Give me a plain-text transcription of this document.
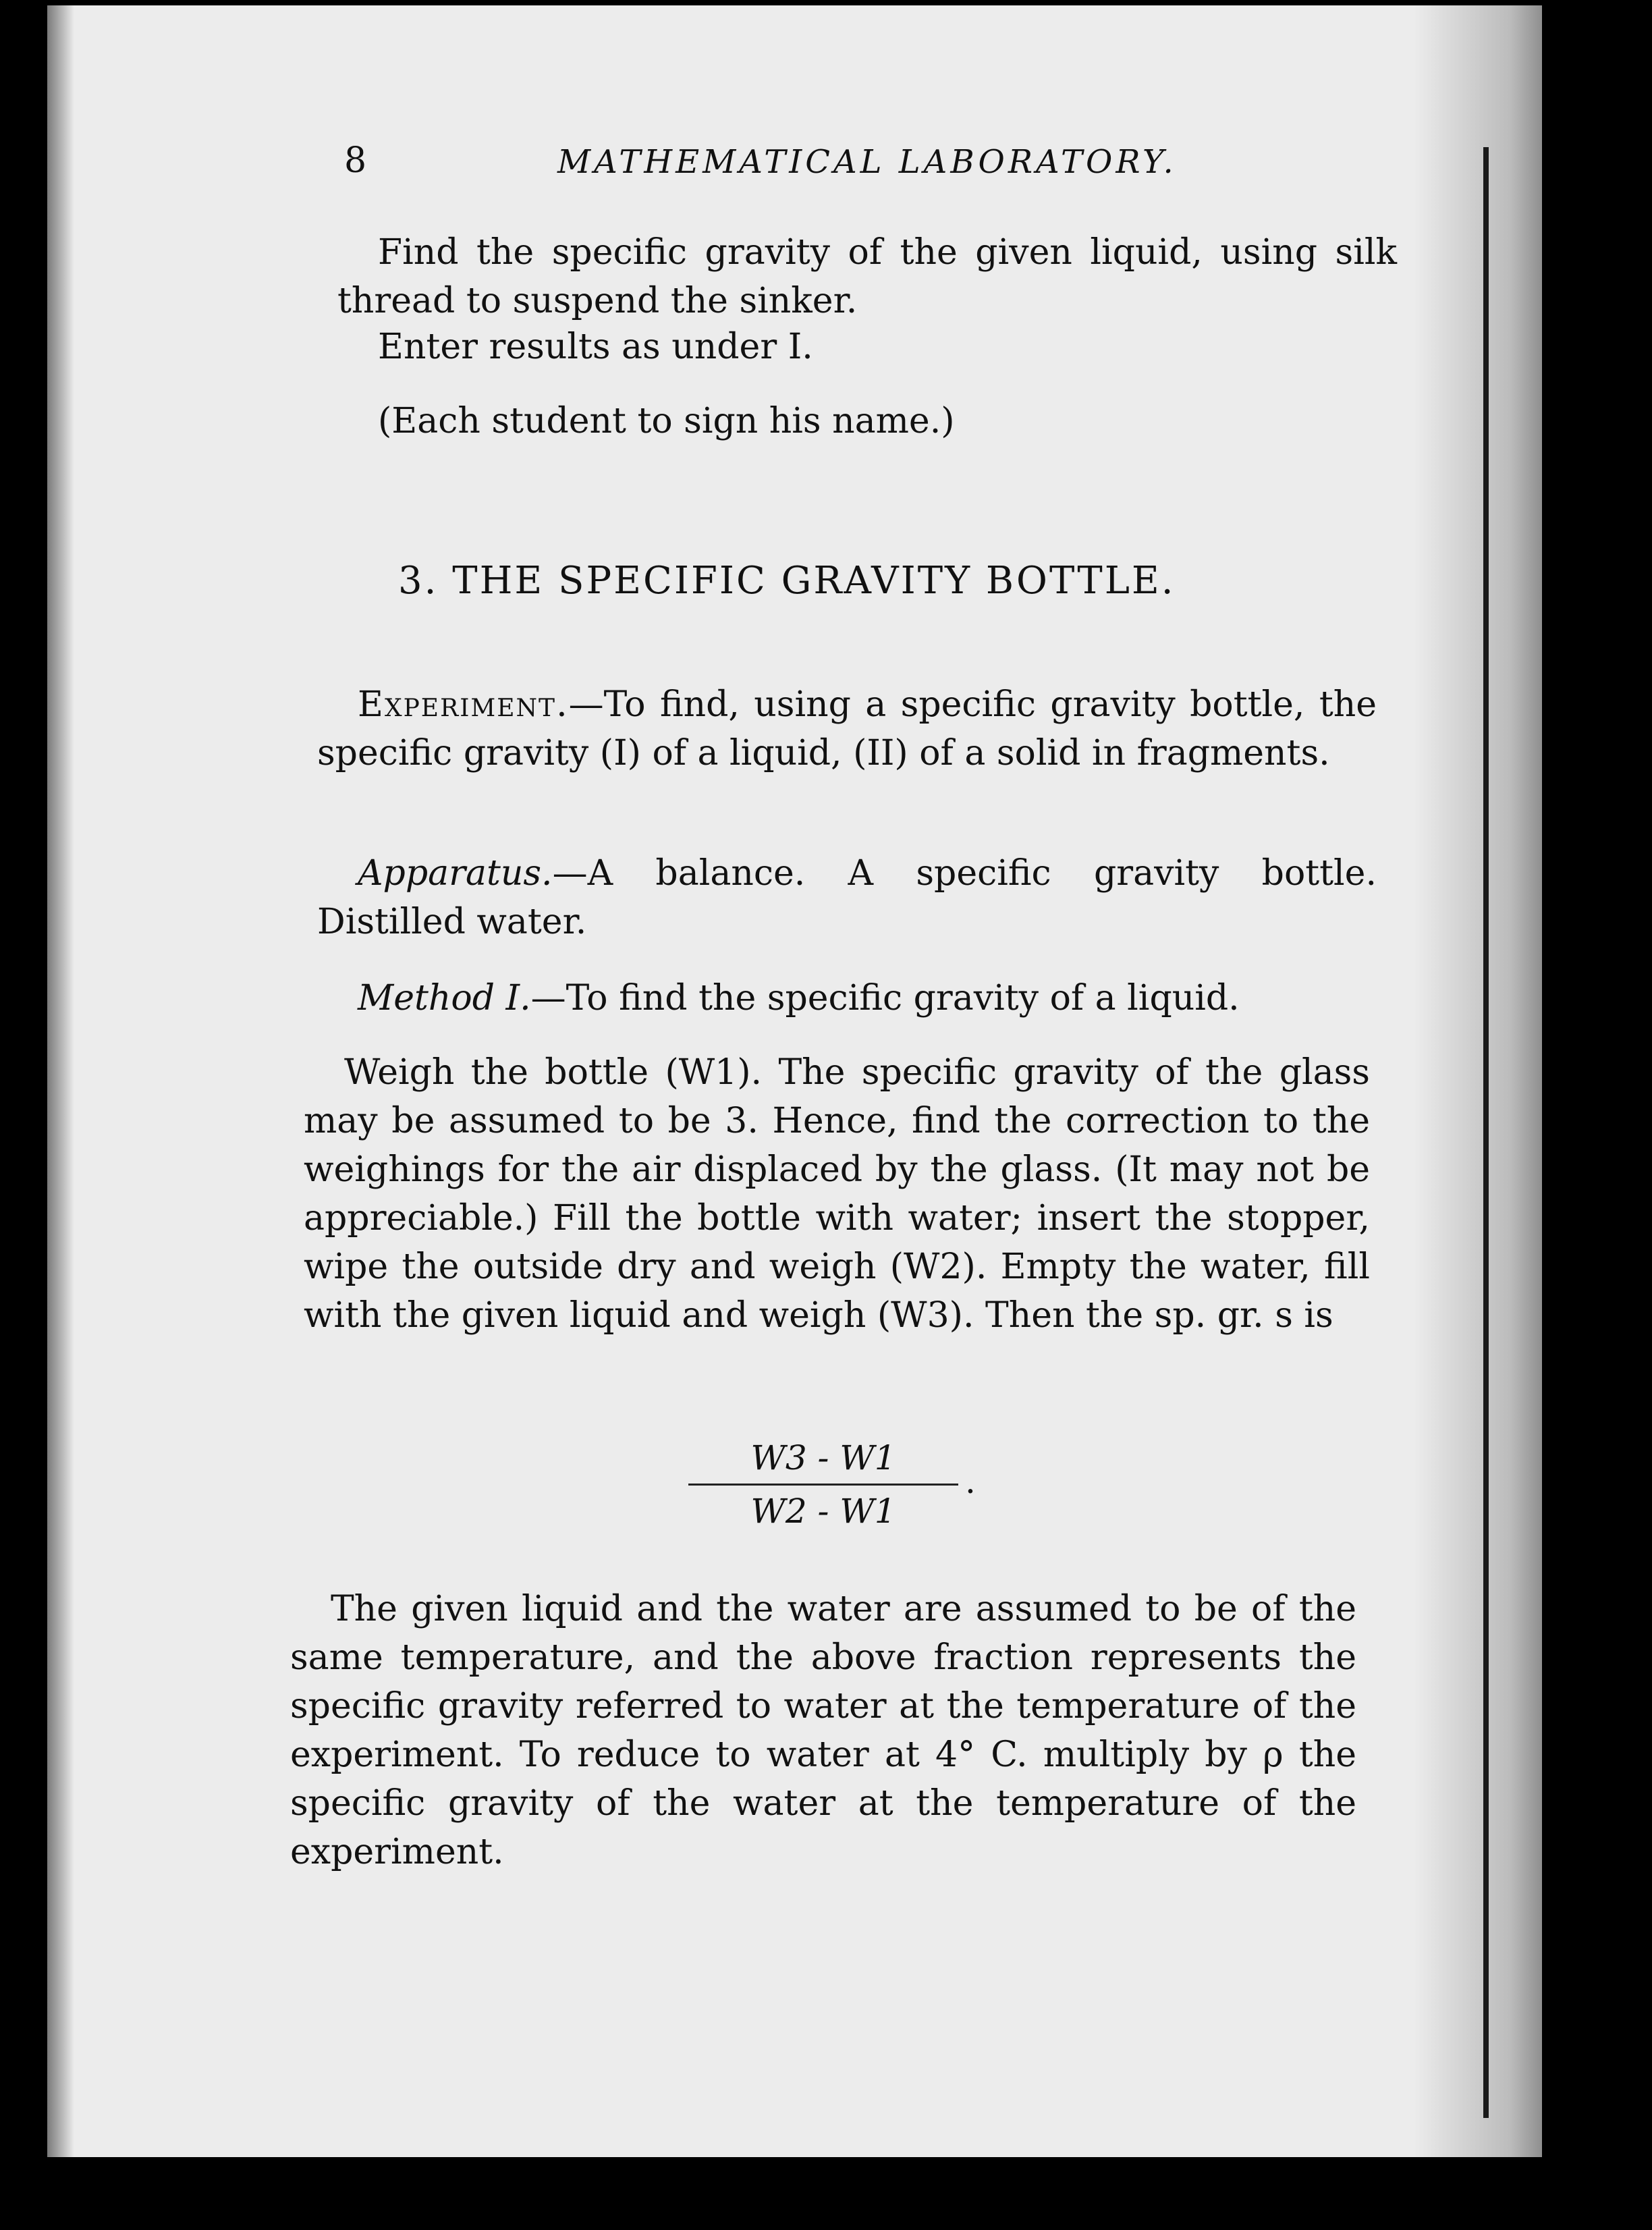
8	MATHEMATICAL LABORATORY.
Find the specific gravity of the given liquid, using silk thread to suspend the sinker.
Enter results as under I.
(Each student to sign his name.)
3. THE SPECIFIC GRAVITY BOTTLE.
Experiment.—To find, using a specific gravity bottle, the specific gravity (I) of a liquid, (II) of a solid in fragments.
Apparatus.—A balance. A specific gravity bottle. Distilled water.
Method I.—To find the specific gravity of a liquid.
Weigh the bottle (W1). The specific gravity of the glass may be assumed to be 3. Hence, find the correction to the weighings for the air displaced by the glass. (It may not be appreciable.) Fill the bottle with water; insert the stopper, wipe the outside dry and weigh (W2). Empty the water, fill with the given liquid and weigh (W3). Then the sp. gr. s is
W3 - W1
W2 - W1
.
The given liquid and the water are assumed to be of the same temperature, and the above fraction represents the specific gravity referred to water at the temperature of the experiment. To reduce to water at 4° C. multiply by ρ the specific gravity of the water at the temperature of the experiment.
